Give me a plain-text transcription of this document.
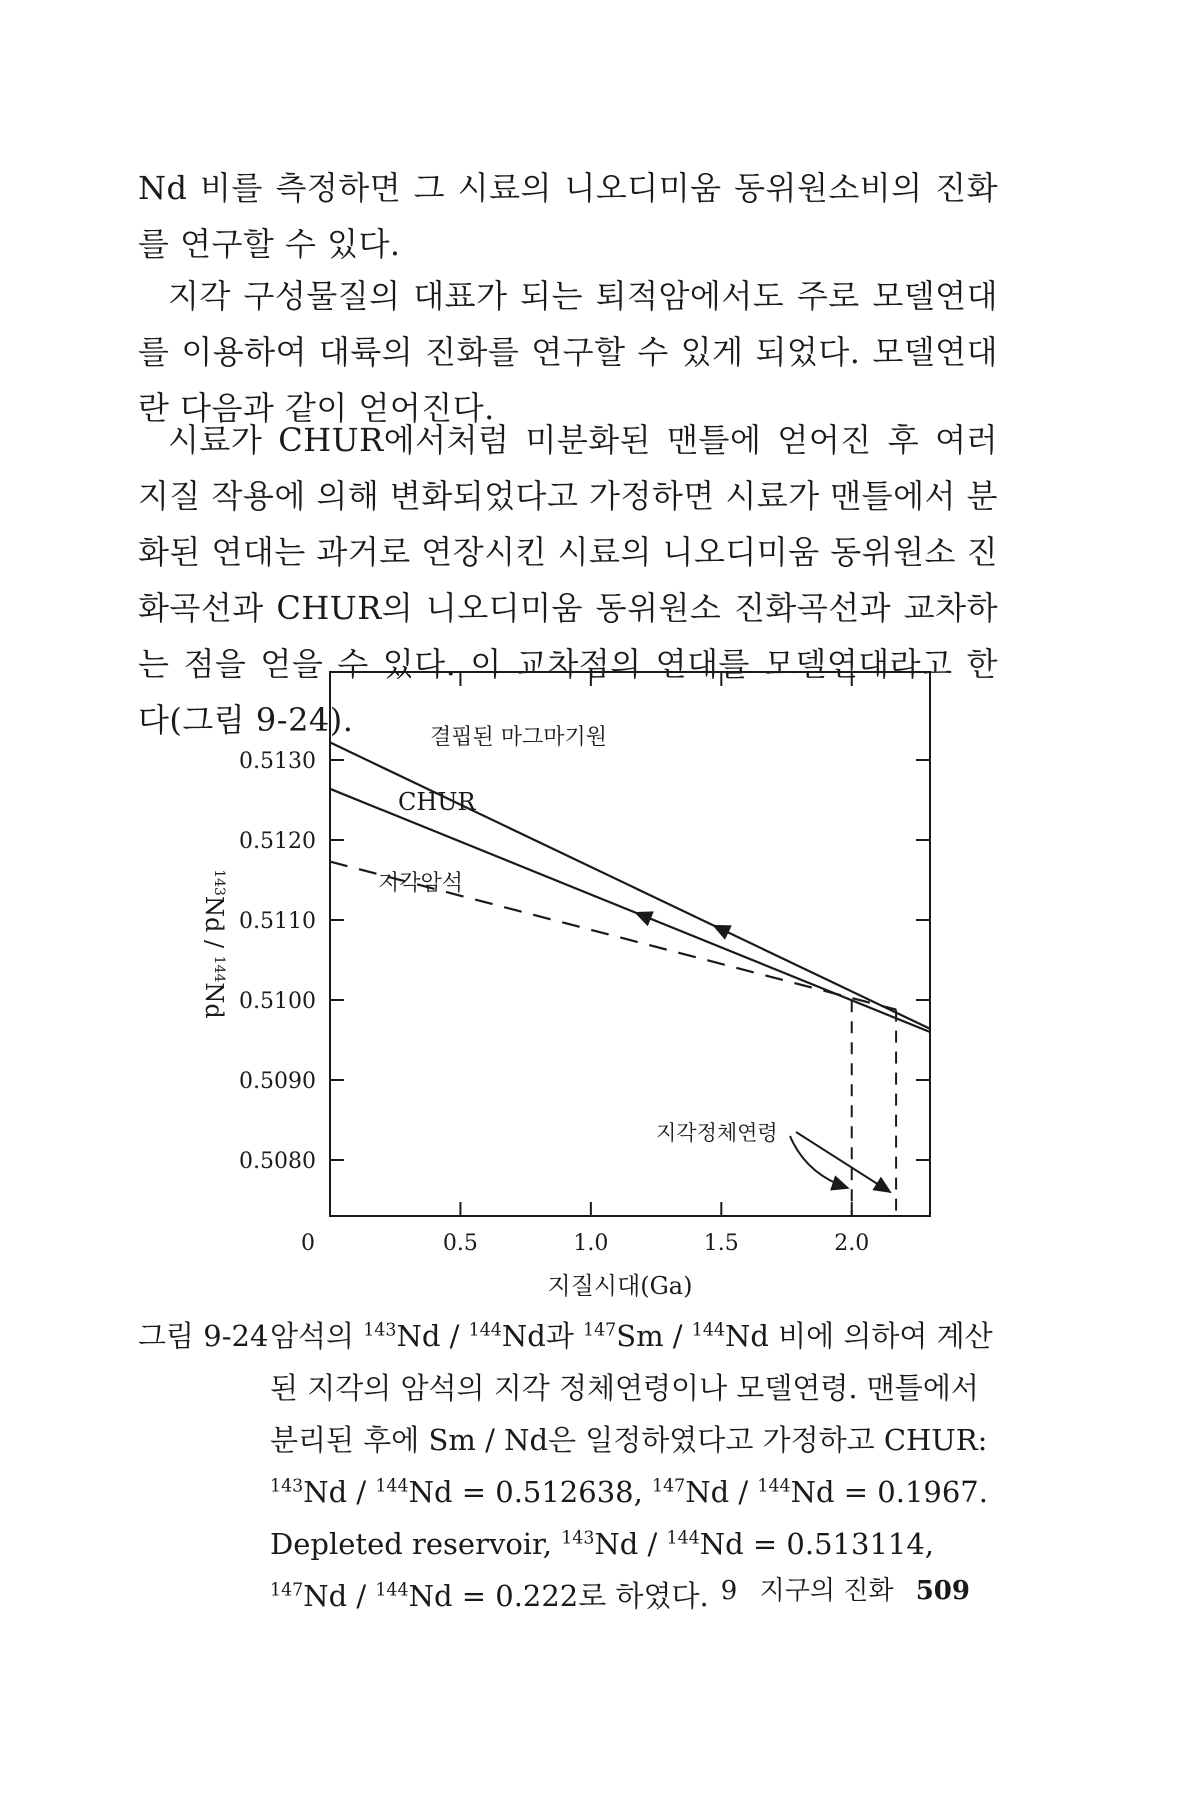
Nd 비를 측정하면 그 시료의 니오디미움 동위원소비의 진화를 연구할 수 있다.

지각 구성물질의 대표가 되는 퇴적암에서도 주로 모델연대를 이용하여 대륙의 진화를 연구할 수 있게 되었다. 모델연대란 다음과 같이 얻어진다.

시료가 CHUR에서처럼 미분화된 맨틀에 얻어진 후 여러 지질 작용에 의해 변화되었다고 가정하면 시료가 맨틀에서 분화된 연대는 과거로 연장시킨 시료의 니오디미움 동위원소 진화곡선과 CHUR의 니오디미움 동위원소 진화곡선과 교차하는 점을 얻을 수 있다. 이 교차점의 연대를 모델연대라고 한다(그림 9-24).

0.5080
0.5090
0.5100
0.5110
0.5120
0.5130
0	0.5	1.0	1.5	2.0
결핍된 마그마기원
CHUR
지각암석
지각정체연령
지질시대(Ga)
$^{143}$Nd / $^{144}$Nd
그림 9-24 암석의 $^{143}$Nd / $^{144}$Nd과 $^{147}$Sm / $^{144}$Nd 비에 의하여 계산된 지각의 암석의 지각 정체연령이나 모델연령. 맨틀에서 분리된 후에 Sm / Nd은 일정하였다고 가정하고 CHUR: $^{143}$Nd / $^{144}$Nd = 0.512638, $^{147}$Nd / $^{144}$Nd = 0.1967. Depleted reservoir, $^{143}$Nd / $^{144}$Nd = 0.513114, $^{147}$Nd / $^{144}$Nd = 0.222로 하였다. 9 지구의 진화 509
